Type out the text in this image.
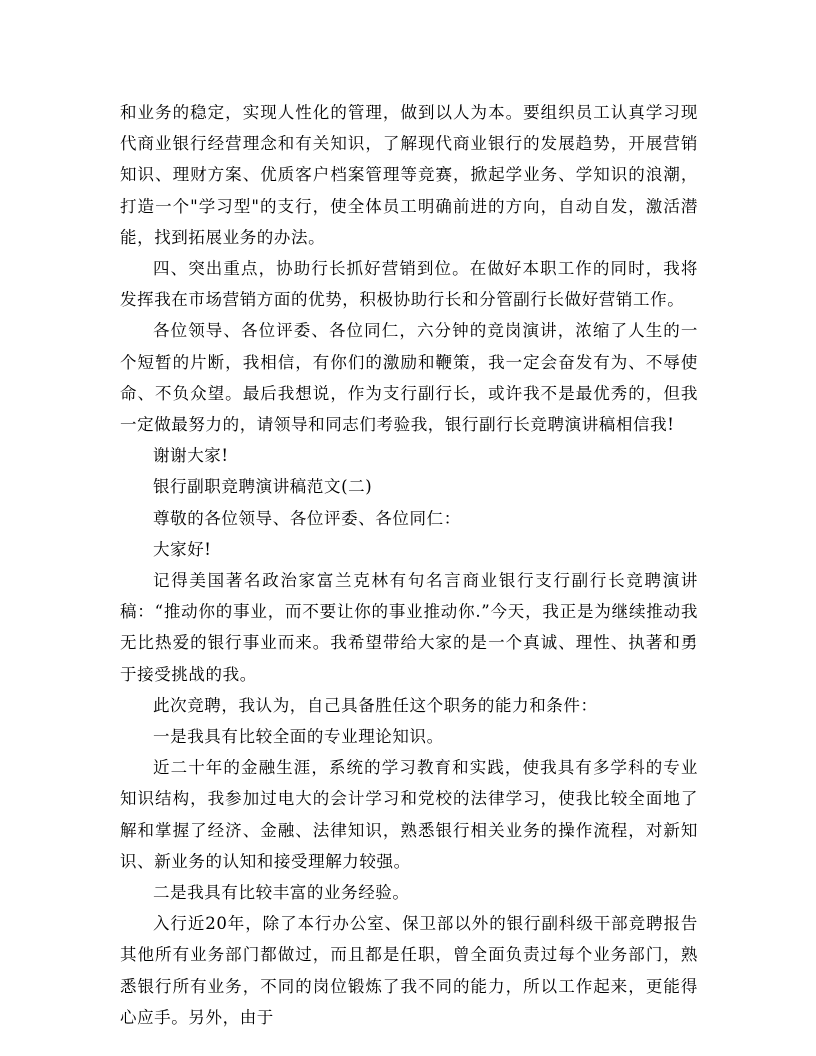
和业务的稳定，实现人性化的管理，做到以人为本。要组织员工认真学习现代商业银行经营理念和有关知识，了解现代商业银行的发展趋势，开展营销知识、理财方案、优质客户档案管理等竞赛，掀起学业务、学知识的浪潮，打造一个"学习型"的支行，使全体员工明确前进的方向，自动自发，激活潜能，找到拓展业务的办法。

四、突出重点，协助行长抓好营销到位。在做好本职工作的同时，我将发挥我在市场营销方面的优势，积极协助行长和分管副行长做好营销工作。

各位领导、各位评委、各位同仁，六分钟的竞岗演讲，浓缩了人生的一个短暂的片断，我相信，有你们的激励和鞭策，我一定会奋发有为、不辱使命、不负众望。最后我想说，作为支行副行长，或许我不是最优秀的，但我一定做最努力的，请领导和同志们考验我，银行副行长竞聘演讲稿相信我!

谢谢大家!

银行副职竞聘演讲稿范文(二)

尊敬的各位领导、各位评委、各位同仁：

大家好!

记得美国著名政治家富兰克林有句名言商业银行支行副行长竞聘演讲稿：“推动你的事业，而不要让你的事业推动你.”今天，我正是为继续推动我无比热爱的银行事业而来。我希望带给大家的是一个真诚、理性、执著和勇于接受挑战的我。

此次竞聘，我认为，自己具备胜任这个职务的能力和条件：

一是我具有比较全面的专业理论知识。

近二十年的金融生涯，系统的学习教育和实践，使我具有多学科的专业知识结构，我参加过电大的会计学习和党校的法律学习，使我比较全面地了解和掌握了经济、金融、法律知识，熟悉银行相关业务的操作流程，对新知识、新业务的认知和接受理解力较强。

二是我具有比较丰富的业务经验。

入行近20年，除了本行办公室、保卫部以外的银行副科级干部竞聘报告其他所有业务部门都做过，而且都是任职，曾全面负责过每个业务部门，熟悉银行所有业务，不同的岗位锻炼了我不同的能力，所以工作起来，更能得心应手。另外，由于
